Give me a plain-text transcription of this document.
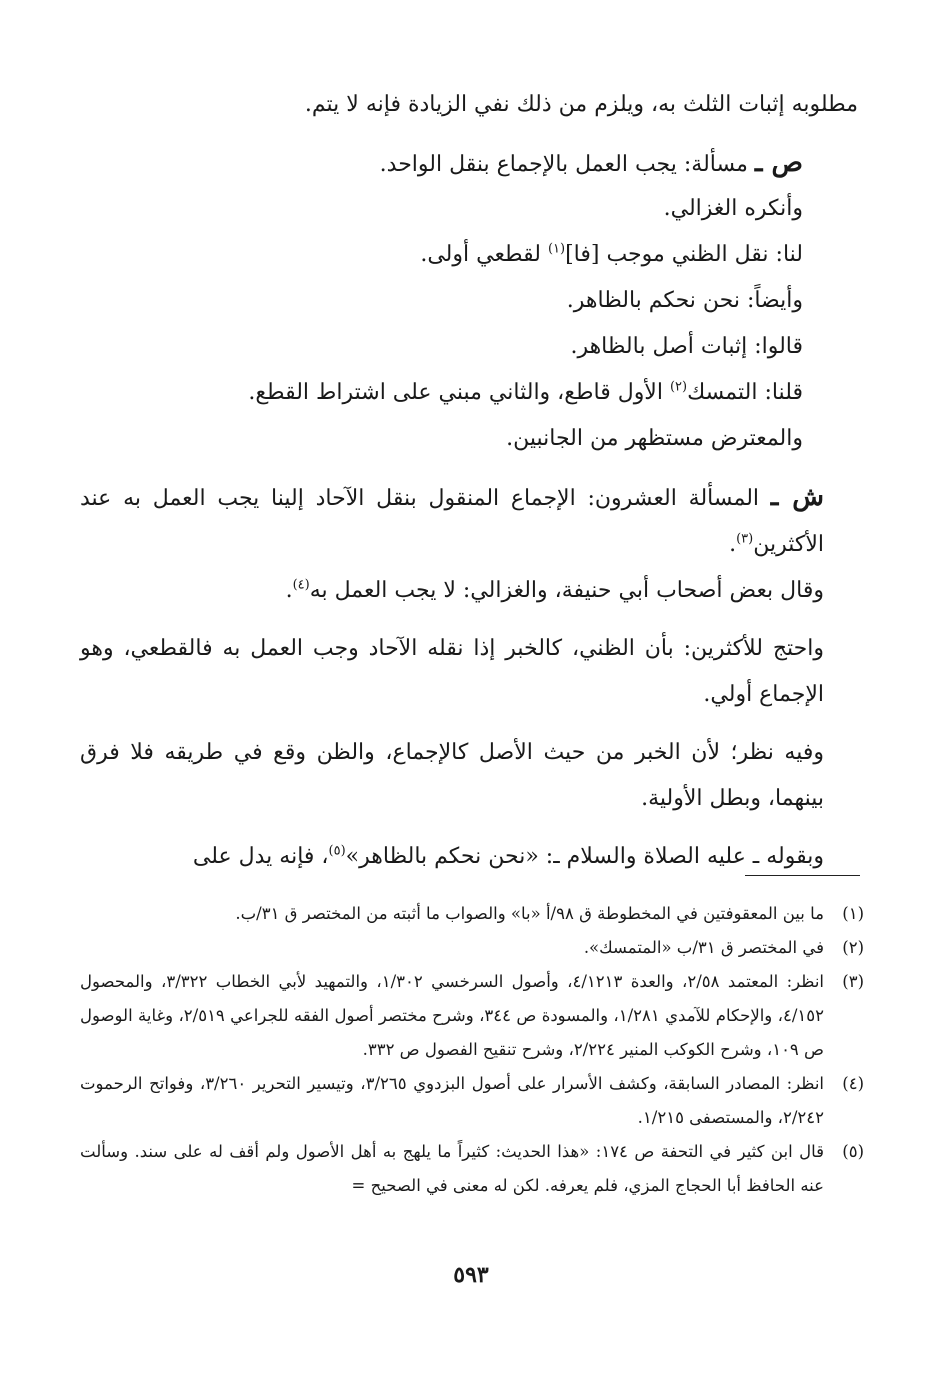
مطلوبه إثبات الثلث به، ويلزم من ذلك نفي الزيادة فإنه لا يتم.
ص ـ مسألة: يجب العمل بالإجماع بنقل الواحد.
وأنكره الغزالي.
لنا: نقل الظني موجب [فا]$^{(١)}$ لقطعي أولى.
وأيضاً: نحن نحكم بالظاهر.
قالوا: إثبات أصل بالظاهر.
قلنا: التمسك$^{(٢)}$ الأول قاطع، والثاني مبني على اشتراط القطع.
والمعترض مستظهر من الجانبين.
ش ـ المسألة العشرون: الإجماع المنقول بنقل الآحاد إلينا يجب العمل به عند الأكثرين$^{(٣)}$.
وقال بعض أصحاب أبي حنيفة، والغزالي: لا يجب العمل به$^{(٤)}$.
واحتج للأكثرين: بأن الظني، كالخبر إذا نقله الآحاد وجب العمل به فالقطعي، وهو الإجماع أولي.
وفيه نظر؛ لأن الخبر من حيث الأصل كالإجماع، والظن وقع في طريقه فلا فرق بينهما، وبطل الأولية.
وبقوله ـ عليه الصلاة والسلام ـ: «نحن نحكم بالظاهر»$^{(٥)}$، فإنه يدل على
(١)
ما بين المعقوفتين في المخطوطة ق ٩٨/أ «با» والصواب ما أثبته من المختصر ق ٣١/ب.
(٢)
في المختصر ق ٣١/ب «المتمسك».
(٣)
انظر: المعتمد ٢/٥٨، والعدة ٤/١٢١٣، وأصول السرخسي ١/٣٠٢، والتمهيد لأبي الخطاب ٣/٣٢٢، والمحصول ٤/١٥٢، والإحكام للآمدي ١/٢٨١، والمسودة ص ٣٤٤، وشرح مختصر أصول الفقه للجراعي ٢/٥١٩، وغاية الوصول ص ١٠٩، وشرح الكوكب المنير ٢/٢٢٤، وشرح تنقيح الفصول ص ٣٣٢.
(٤)
انظر: المصادر السابقة، وكشف الأسرار على أصول البزدوي ٣/٢٦٥، وتيسير التحرير ٣/٢٦٠، وفواتح الرحموت ٢/٢٤٢، والمستصفى ١/٢١٥.
(٥)
قال ابن كثير في التحفة ص ١٧٤: «هذا الحديث: كثيراً ما يلهج به أهل الأصول ولم أقف له على سند. وسألت عنه الحافظ أبا الحجاج المزي، فلم يعرفه. لكن له معنى في الصحيح =
٥٩٣
